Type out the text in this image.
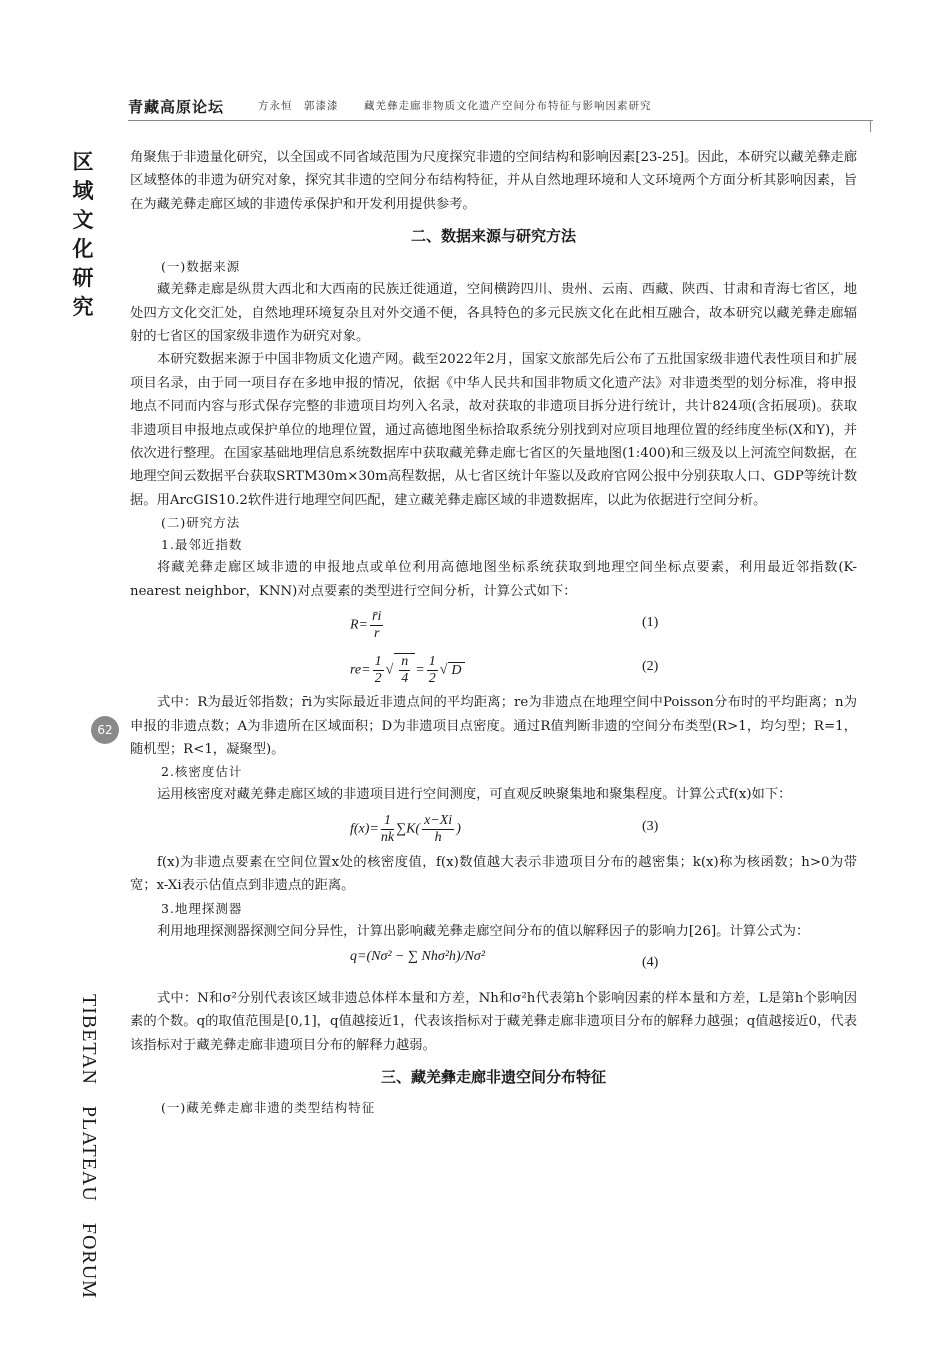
青藏高原论坛	方永恒　郭漆漆 藏羌彝走廊非物质文化遗产空间分布特征与影响因素研究
区域文化研究
62
TIBETAN　PLATEAU　FORUM

角聚焦于非遗量化研究，以全国或不同省域范围为尺度探究非遗的空间结构和影响因素[23-25]。因此，本研究以藏羌彝走廊区域整体的非遗为研究对象，探究其非遗的空间分布结构特征，并从自然地理环境和人文环境两个方面分析其影响因素，旨在为藏羌彝走廊区域的非遗传承保护和开发利用提供参考。

二、数据来源与研究方法
(一)数据来源

藏羌彝走廊是纵贯大西北和大西南的民族迁徙通道，空间横跨四川、贵州、云南、西藏、陕西、甘肃和青海七省区，地处四方文化交汇处，自然地理环境复杂且对外交通不便，各具特色的多元民族文化在此相互融合，故本研究以藏羌彝走廊辐射的七省区的国家级非遗作为研究对象。

本研究数据来源于中国非物质文化遗产网。截至2022年2月，国家文旅部先后公布了五批国家级非遗代表性项目和扩展项目名录，由于同一项目存在多地申报的情况，依据《中华人民共和国非物质文化遗产法》对非遗类型的划分标准，将申报地点不同而内容与形式保存完整的非遗项目均列入名录，故对获取的非遗项目拆分进行统计，共计824项(含拓展项)。获取非遗项目申报地点或保护单位的地理位置，通过高德地图坐标拾取系统分别找到对应项目地理位置的经纬度坐标(X和Y)，并依次进行整理。在国家基础地理信息系统数据库中获取藏羌彝走廊七省区的矢量地图(1:400)和三级及以上河流空间数据，在地理空间云数据平台获取SRTM30m×30m高程数据，从七省区统计年鉴以及政府官网公报中分别获取人口、GDP等统计数据。用ArcGIS10.2软件进行地理空间匹配，建立藏羌彝走廊区域的非遗数据库，以此为依据进行空间分析。

(二)研究方法
1.最邻近指数

将藏羌彝走廊区域非遗的申报地点或单位利用高德地图坐标系统获取到地理空间坐标点要素，利用最近邻指数(K-nearest neighbor，KNN)对点要素的类型进行空间分析，计算公式如下：

$R= \frac{r̄i}{r}$	(1)
$re= \frac{1}{2}$ √ $\frac{n}{4} = \frac{1}{2}$ √ D	(2)

式中：R为最近邻指数；r̄i为实际最近非遗点间的平均距离；re为非遗点在地理空间中Poisson分布时的平均距离；n为申报的非遗点数；A为非遗所在区域面积；D为非遗项目点密度。通过R值判断非遗的空间分布类型(R>1，均匀型；R=1，随机型；R<1，凝聚型)。

2.核密度估计

运用核密度对藏羌彝走廊区域的非遗项目进行空间测度，可直观反映聚集地和聚集程度。计算公式f(x)如下：

$f(x)= \frac{1}{nk} \sum K( \frac{x-Xi}{h}$ )	(3)

f(x)为非遗点要素在空间位置x处的核密度值，f(x)数值越大表示非遗项目分布的越密集；k(x)称为核函数；h>0为带宽；x-Xi表示估值点到非遗点的距离。

3.地理探测器

利用地理探测器探测空间分异性，计算出影响藏羌彝走廊空间分布的值以解释因子的影响力[26]。计算公式为：

q=(Nσ² − ∑ Nhσ²h)/Nσ²	(4)

式中：N和σ²分别代表该区域非遗总体样本量和方差，Nh和σ²h代表第h个影响因素的样本量和方差，L是第h个影响因素的个数。q的取值范围是[0,1]，q值越接近1，代表该指标对于藏羌彝走廊非遗项目分布的解释力越强；q值越接近0，代表该指标对于藏羌彝走廊非遗项目分布的解释力越弱。

三、藏羌彝走廊非遗空间分布特征
(一)藏羌彝走廊非遗的类型结构特征
